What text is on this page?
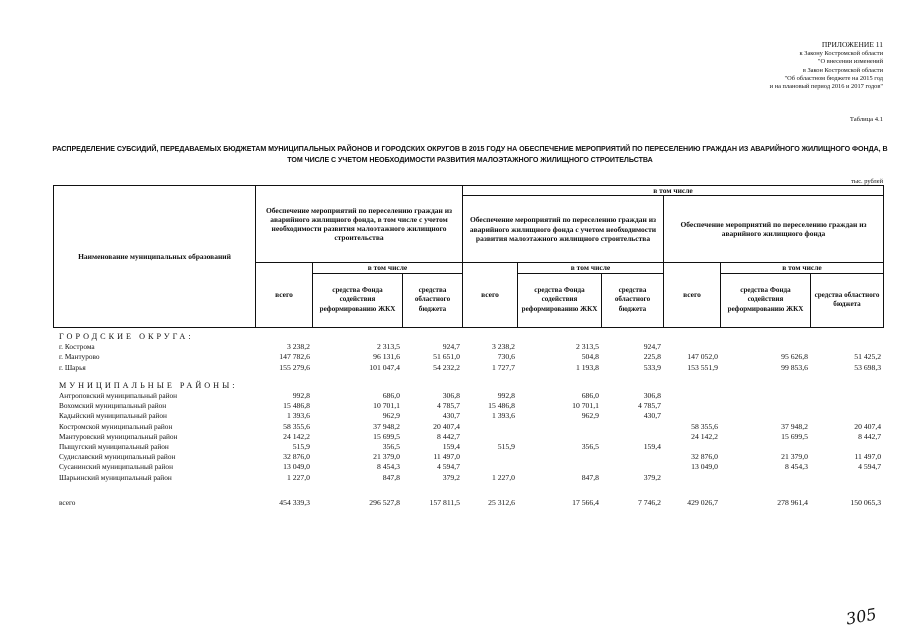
ПРИЛОЖЕНИЕ 11
к Закону Костромской области
"О внесении изменений
в Закон Костромской области
"Об областном бюджете на 2015 год
и на плановый период 2016 и 2017 годов"
Таблица 4.1
РАСПРЕДЕЛЕНИЕ СУБСИДИЙ, ПЕРЕДАВАЕМЫХ БЮДЖЕТАМ МУНИЦИПАЛЬНЫХ РАЙОНОВ И ГОРОДСКИХ ОКРУГОВ В 2015 ГОДУ НА ОБЕСПЕЧЕНИЕ МЕРОПРИЯТИЙ ПО ПЕРЕСЕЛЕНИЮ ГРАЖДАН ИЗ АВАРИЙНОГО ЖИЛИЩНОГО ФОНДА, В ТОМ ЧИСЛЕ С УЧЕТОМ НЕОБХОДИМОСТИ РАЗВИТИЯ МАЛОЭТАЖНОГО ЖИЛИЩНОГО СТРОИТЕЛЬСТВА
тыс. рублей
Наименование муниципальных образований	Обеспечение мероприятий по переселению граждан из аварийного жилищного фонда, в том числе с учетом необходимости развития малоэтажного жилищного строительства			в том числе					
				Обеспечение мероприятий по переселению граждан из аварийного жилищного фонда с учетом необходимости развития малоэтажного жилищного строительства			Обеспечение мероприятий по переселению граждан из аварийного жилищного фонда		
	всего	в том числе		всего	в том числе		всего	в том числе	
		средства Фонда содействия реформированию ЖКХ	средства областного бюджета		средства Фонда содействия реформированию ЖКХ	средства областного бюджета		средства Фонда содействия реформированию ЖКХ	средства областного бюджета
ГОРОДСКИЕ ОКРУГА:									
г. Кострома	3 238,2	2 313,5	924,7	3 238,2	2 313,5	924,7			
г. Мантурово	147 782,6	96 131,6	51 651,0	730,6	504,8	225,8	147 052,0	95 626,8	51 425,2
г. Шарья	155 279,6	101 047,4	54 232,2	1 727,7	1 193,8	533,9	153 551,9	99 853,6	53 698,3

МУНИЦИПАЛЬНЫЕ РАЙОНЫ:									
Антроповский муниципальный район	992,8	686,0	306,8	992,8	686,0	306,8			
Вохомский муниципальный район	15 486,8	10 701,1	4 785,7	15 486,8	10 701,1	4 785,7			
Кадыйский муниципальный район	1 393,6	962,9	430,7	1 393,6	962,9	430,7			
Костромской муниципальный район	58 355,6	37 948,2	20 407,4				58 355,6	37 948,2	20 407,4
Мантуровский муниципальный район	24 142,2	15 699,5	8 442,7				24 142,2	15 699,5	8 442,7
Пыщугский муниципальный район	515,9	356,5	159,4	515,9	356,5	159,4			
Судиславский муниципальный район	32 876,0	21 379,0	11 497,0				32 876,0	21 379,0	11 497,0
Сусанинский муниципальный район	13 049,0	8 454,3	4 594,7				13 049,0	8 454,3	4 594,7
Шарьинский муниципальный район	1 227,0	847,8	379,2	1 227,0	847,8	379,2			

всего	454 339,3	296 527,8	157 811,5	25 312,6	17 566,4	7 746,2	429 026,7	278 961,4	150 065,3
305
